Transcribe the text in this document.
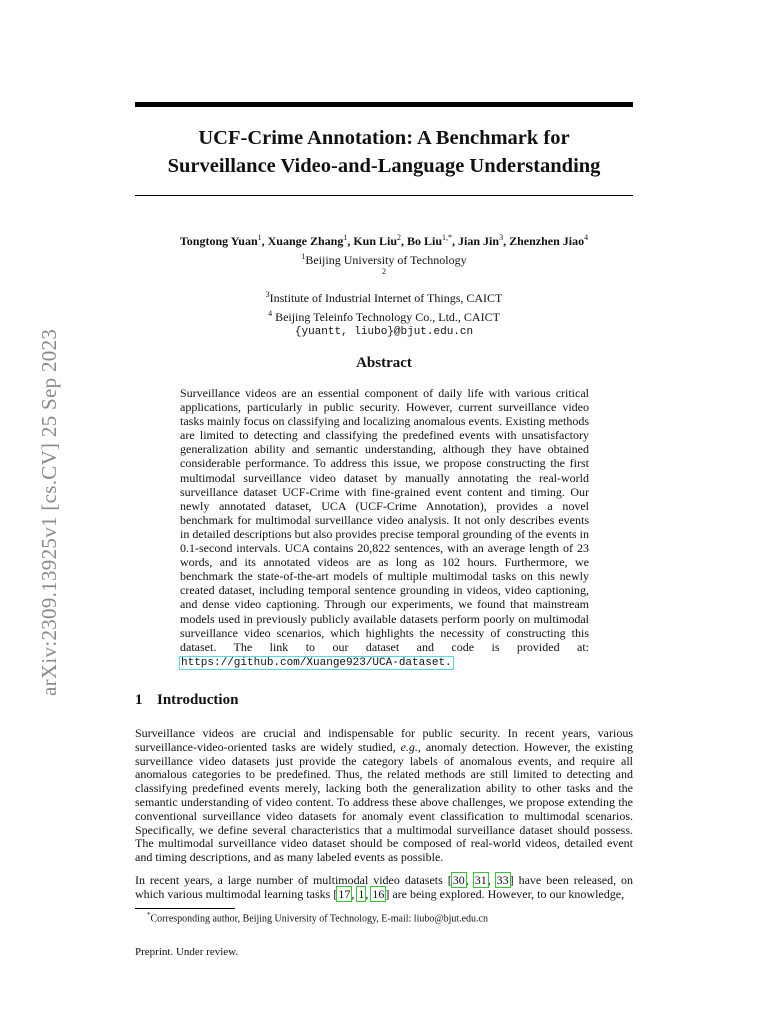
arXiv:2309.13925v1 [cs.CV] 25 Sep 2023
UCF-Crime Annotation: A Benchmark for
Surveillance Video-and-Language Understanding
Tongtong Yuan$^1$, Xuange Zhang$^1$, Kun Liu$^2$, Bo Liu$^{1,*}$, Jian Jin$^3$, Zhenzhen Jiao$^4$
$^1$Beijing University of Technology
$^2$
$^3$Institute of Industrial Internet of Things, CAICT
$^4$ Beijing Teleinfo Technology Co., Ltd., CAICT
{yuantt, liubo}@bjut.edu.cn
Abstract
Surveillance videos are an essential component of daily life with various critical applications, particularly in public security. However, current surveillance video tasks mainly focus on classifying and localizing anomalous events. Existing methods are limited to detecting and classifying the predefined events with unsatisfactory generalization ability and semantic understanding, although they have obtained considerable performance. To address this issue, we propose constructing the first multimodal surveillance video dataset by manually annotating the real-world surveillance dataset UCF-Crime with fine-grained event content and timing. Our newly annotated dataset, UCA (UCF-Crime Annotation), provides a novel benchmark for multimodal surveillance video analysis. It not only describes events in detailed descriptions but also provides precise temporal grounding of the events in 0.1-second intervals. UCA contains 20,822 sentences, with an average length of 23 words, and its annotated videos are as long as 102 hours. Furthermore, we benchmark the state-of-the-art models of multiple multimodal tasks on this newly created dataset, including temporal sentence grounding in videos, video captioning, and dense video captioning. Through our experiments, we found that mainstream models used in previously publicly available datasets perform poorly on multimodal surveillance video scenarios, which highlights the necessity of constructing this dataset. The link to our dataset and code is provided at: https://github.com/Xuange923/UCA-dataset.
1 Introduction
Surveillance videos are crucial and indispensable for public security. In recent years, various surveillance-video-oriented tasks are widely studied, e.g., anomaly detection. However, the existing surveillance video datasets just provide the category labels of anomalous events, and require all anomalous categories to be predefined. Thus, the related methods are still limited to detecting and classifying predefined events merely, lacking both the generalization ability to other tasks and the semantic understanding of video content. To address these above challenges, we propose extending the conventional surveillance video datasets for anomaly event classification to multimodal scenarios. Specifically, we define several characteristics that a multimodal surveillance dataset should possess. The multimodal surveillance video dataset should be composed of real-world videos, detailed event and timing descriptions, and as many labeled events as possible.
In recent years, a large number of multimodal video datasets [30, 31, 33] have been released, on which various multimodal learning tasks [17, 1, 16] are being explored. However, to our knowledge,
*Corresponding author, Beijing University of Technology, E-mail: liubo@bjut.edu.cn
Preprint. Under review.
